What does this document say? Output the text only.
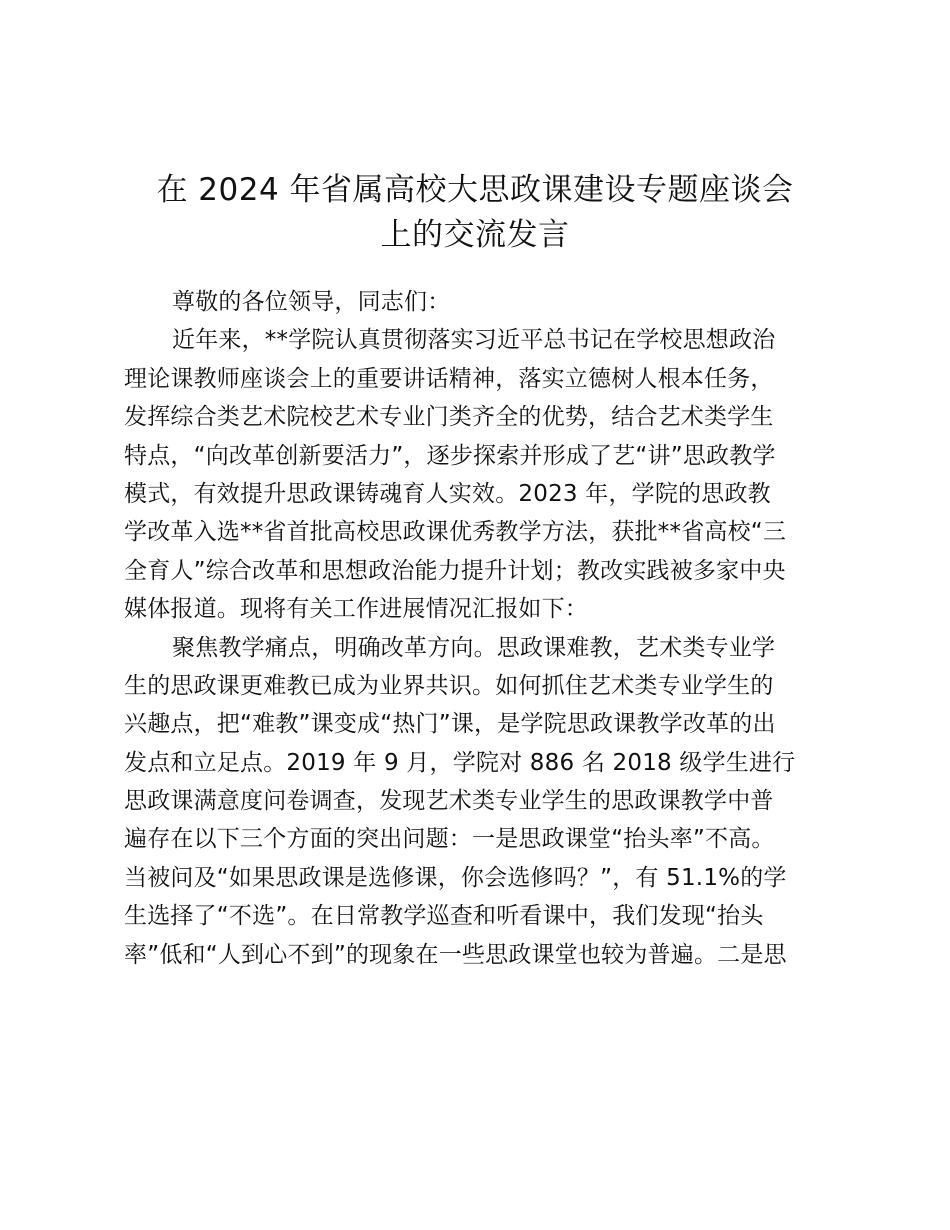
在 2024 年省属高校大思政课建设专题座谈会
上的交流发言
尊敬的各位领导，同志们：
近年来，**学院认真贯彻落实习近平总书记在学校思想政治
理论课教师座谈会上的重要讲话精神，落实立德树人根本任务，
发挥综合类艺术院校艺术专业门类齐全的优势，结合艺术类学生
特点，“向改革创新要活力”，逐步探索并形成了艺“讲”思政教学
模式，有效提升思政课铸魂育人实效。2023 年，学院的思政教
学改革入选**省首批高校思政课优秀教学方法，获批**省高校“三
全育人”综合改革和思想政治能力提升计划；教改实践被多家中央
媒体报道。现将有关工作进展情况汇报如下：
聚焦教学痛点，明确改革方向。思政课难教，艺术类专业学
生的思政课更难教已成为业界共识。如何抓住艺术类专业学生的
兴趣点，把“难教”课变成“热门”课，是学院思政课教学改革的出
发点和立足点。2019 年 9 月，学院对 886 名 2018 级学生进行
思政课满意度问卷调查，发现艺术类专业学生的思政课教学中普
遍存在以下三个方面的突出问题：一是思政课堂“抬头率”不高。
当被问及“如果思政课是选修课，你会选修吗？”，有 51.1%的学
生选择了“不选”。在日常教学巡查和听看课中，我们发现“抬头
率”低和“人到心不到”的现象在一些思政课堂也较为普遍。二是思
